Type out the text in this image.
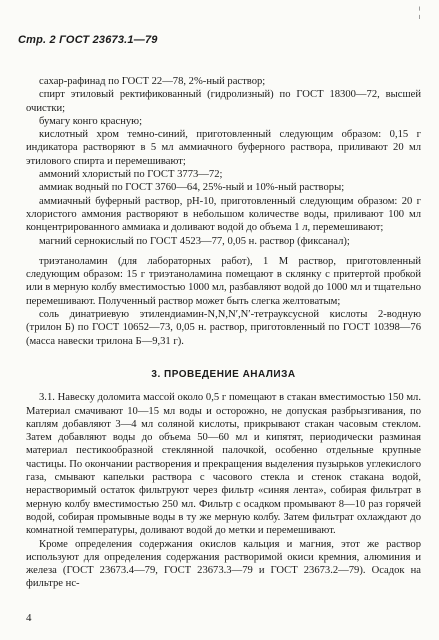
¦
Стр. 2 ГОСТ 23673.1—79

сахар-рафинад по ГОСТ 22—78, 2%-ный раствор;

спирт этиловый ректификованный (гидролизный) по ГОСТ 18300—72, высшей очистки;

бумагу конго красную;

кислотный хром темно-синий, приготовленный следующим образом: 0,15 г индикатора растворяют в 5 мл аммиачного буферного раствора, приливают 20 мл этилового спирта и перемешивают;

аммоний хлористый по ГОСТ 3773—72;

аммиак водный по ГОСТ 3760—64, 25%-ный и 10%-ный растворы;

аммиачный буферный раствор, рН-10, приготовленный следующим образом: 20 г хлористого аммония растворяют в небольшом количестве воды, приливают 100 мл концентрированного аммиака и доливают водой до объема 1 л, перемешивают;

магний сернокислый по ГОСТ 4523—77, 0,05 н. раствор (фиксанал);

триэтаноламин (для лабораторных работ), 1 М раствор, приготовленный следующим образом: 15 г триэтаноламина помещают в склянку с притертой пробкой или в мерную колбу вместимостью 1000 мл, разбавляют водой до 1000 мл и тщательно перемешивают. Полученный раствор может быть слегка желтоватым;

соль динатриевую этилендиамин-N,N,N′,N′-тетрауксусной кислоты 2-водную (трилон Б) по ГОСТ 10652—73, 0,05 н. раствор, приготовленный по ГОСТ 10398—76 (масса навески трилона Б—9,31 г).

3. ПРОВЕДЕНИЕ АНАЛИЗА

3.1. Навеску доломита массой около 0,5 г помещают в стакан вместимостью 150 мл. Материал смачивают 10—15 мл воды и осторожно, не допуская разбрызгивания, по каплям добавляют 3—4 мл соляной кислоты, прикрывают стакан часовым стеклом. Затем добавляют воды до объема 50—60 мл и кипятят, периодически разминая материал пестикообразной стеклянной палочкой, особенно отдельные крупные частицы. По окончании растворения и прекращения выделения пузырьков углекислого газа, смывают капельки раствора с часового стекла и стенок стакана водой, нерастворимый остаток фильтруют через фильтр «синяя лента», собирая фильтрат в мерную колбу вместимостью 250 мл. Фильтр с осадком промывают 8—10 раз горячей водой, собирая промывные воды в ту же мерную колбу. Затем фильтрат охлаждают до комнатной температуры, доливают водой до метки и перемешивают.

Кроме определения содержания окислов кальция и магния, этот же раствор используют для определения содержания растворимой окиси кремния, алюминия и железа (ГОСТ 23673.4—79, ГОСТ 23673.3—79 и ГОСТ 23673.2—79). Осадок на фильтре нс-

4
